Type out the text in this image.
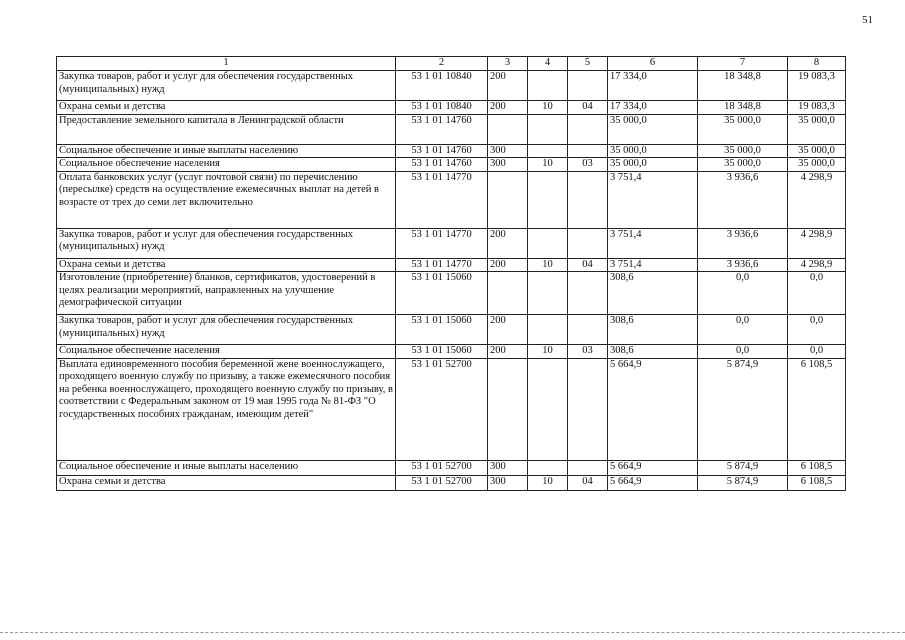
51
1	2	3	4	5	6	7	8
Закупка товаров, работ и услуг для обеспечения государственных (муниципальных) нужд	53 1 01 10840	200			17 334,0	18 348,8	19 083,3
Охрана семьи и детства	53 1 01 10840	200	10	04	17 334,0	18 348,8	19 083,3
Предоставление земельного капитала в Ленинградской области	53 1 01 14760				35 000,0	35 000,0	35 000,0
Социальное обеспечение и иные выплаты населению	53 1 01 14760	300			35 000,0	35 000,0	35 000,0
Социальное обеспечение населения	53 1 01 14760	300	10	03	35 000,0	35 000,0	35 000,0
Оплата банковских услуг (услуг почтовой связи) по перечислению (пересылке) средств на осуществление ежемесячных выплат на детей в возрасте от трех до семи лет включительно	53 1 01 14770				3 751,4	3 936,6	4 298,9
Закупка товаров, работ и услуг для обеспечения государственных (муниципальных) нужд	53 1 01 14770	200			3 751,4	3 936,6	4 298,9
Охрана семьи и детства	53 1 01 14770	200	10	04	3 751,4	3 936,6	4 298,9
Изготовление (приобретение) бланков, сертификатов, удостоверений в целях реализации мероприятий, направленных на улучшение демографической ситуации	53 1 01 15060				308,6	0,0	0,0
Закупка товаров, работ и услуг для обеспечения государственных (муниципальных) нужд	53 1 01 15060	200			308,6	0,0	0,0
Социальное обеспечение населения	53 1 01 15060	200	10	03	308,6	0,0	0,0
Выплата единовременного пособия беременной жене военнослужащего, проходящего военную службу по призыву, а также ежемесячного пособия на ребенка военнослужащего, проходящего военную службу по призыву, в соответствии с Федеральным законом от 19 мая 1995 года № 81-ФЗ "О государственных пособиях гражданам, имеющим детей"	53 1 01 52700				5 664,9	5 874,9	6 108,5
Социальное обеспечение и иные выплаты населению	53 1 01 52700	300			5 664,9	5 874,9	6 108,5
Охрана семьи и детства	53 1 01 52700	300	10	04	5 664,9	5 874,9	6 108,5
